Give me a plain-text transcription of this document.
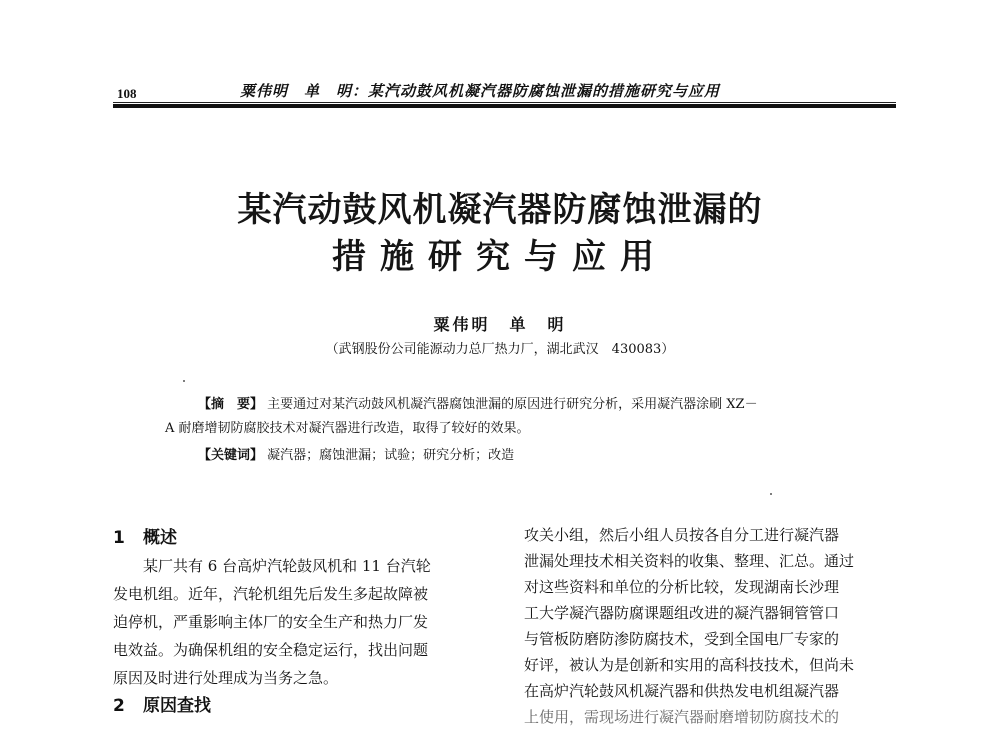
108	粟伟明　单　明：某汽动鼓风机凝汽器防腐蚀泄漏的措施研究与应用
某汽动鼓风机凝汽器防腐蚀泄漏的
措施研究与应用
粟伟明　单　明
（武钢股份公司能源动力总厂热力厂，湖北武汉　430083）
【摘　要】 主要通过对某汽动鼓风机凝汽器腐蚀泄漏的原因进行研究分析，采用凝汽器涂刷 XZ－
A 耐磨增韧防腐胶技术对凝汽器进行改造，取得了较好的效果。
【关键词】 凝汽器；腐蚀泄漏；试验；研究分析；改造
1 概述
某厂共有 6 台高炉汽轮鼓风机和 11 台汽轮
发电机组。近年，汽轮机组先后发生多起故障被
迫停机，严重影响主体厂的安全生产和热力厂发
电效益。为确保机组的安全稳定运行，找出问题
原因及时进行处理成为当务之急。
2 原因查找
攻关小组，然后小组人员按各自分工进行凝汽器
泄漏处理技术相关资料的收集、整理、汇总。通过
对这些资料和单位的分析比较，发现湖南长沙理
工大学凝汽器防腐课题组改进的凝汽器铜管管口
与管板防磨防渗防腐技术，受到全国电厂专家的
好评，被认为是创新和实用的高科技技术，但尚未
在高炉汽轮鼓风机凝汽器和供热发电机组凝汽器
上使用，需现场进行凝汽器耐磨增韧防腐技术的
